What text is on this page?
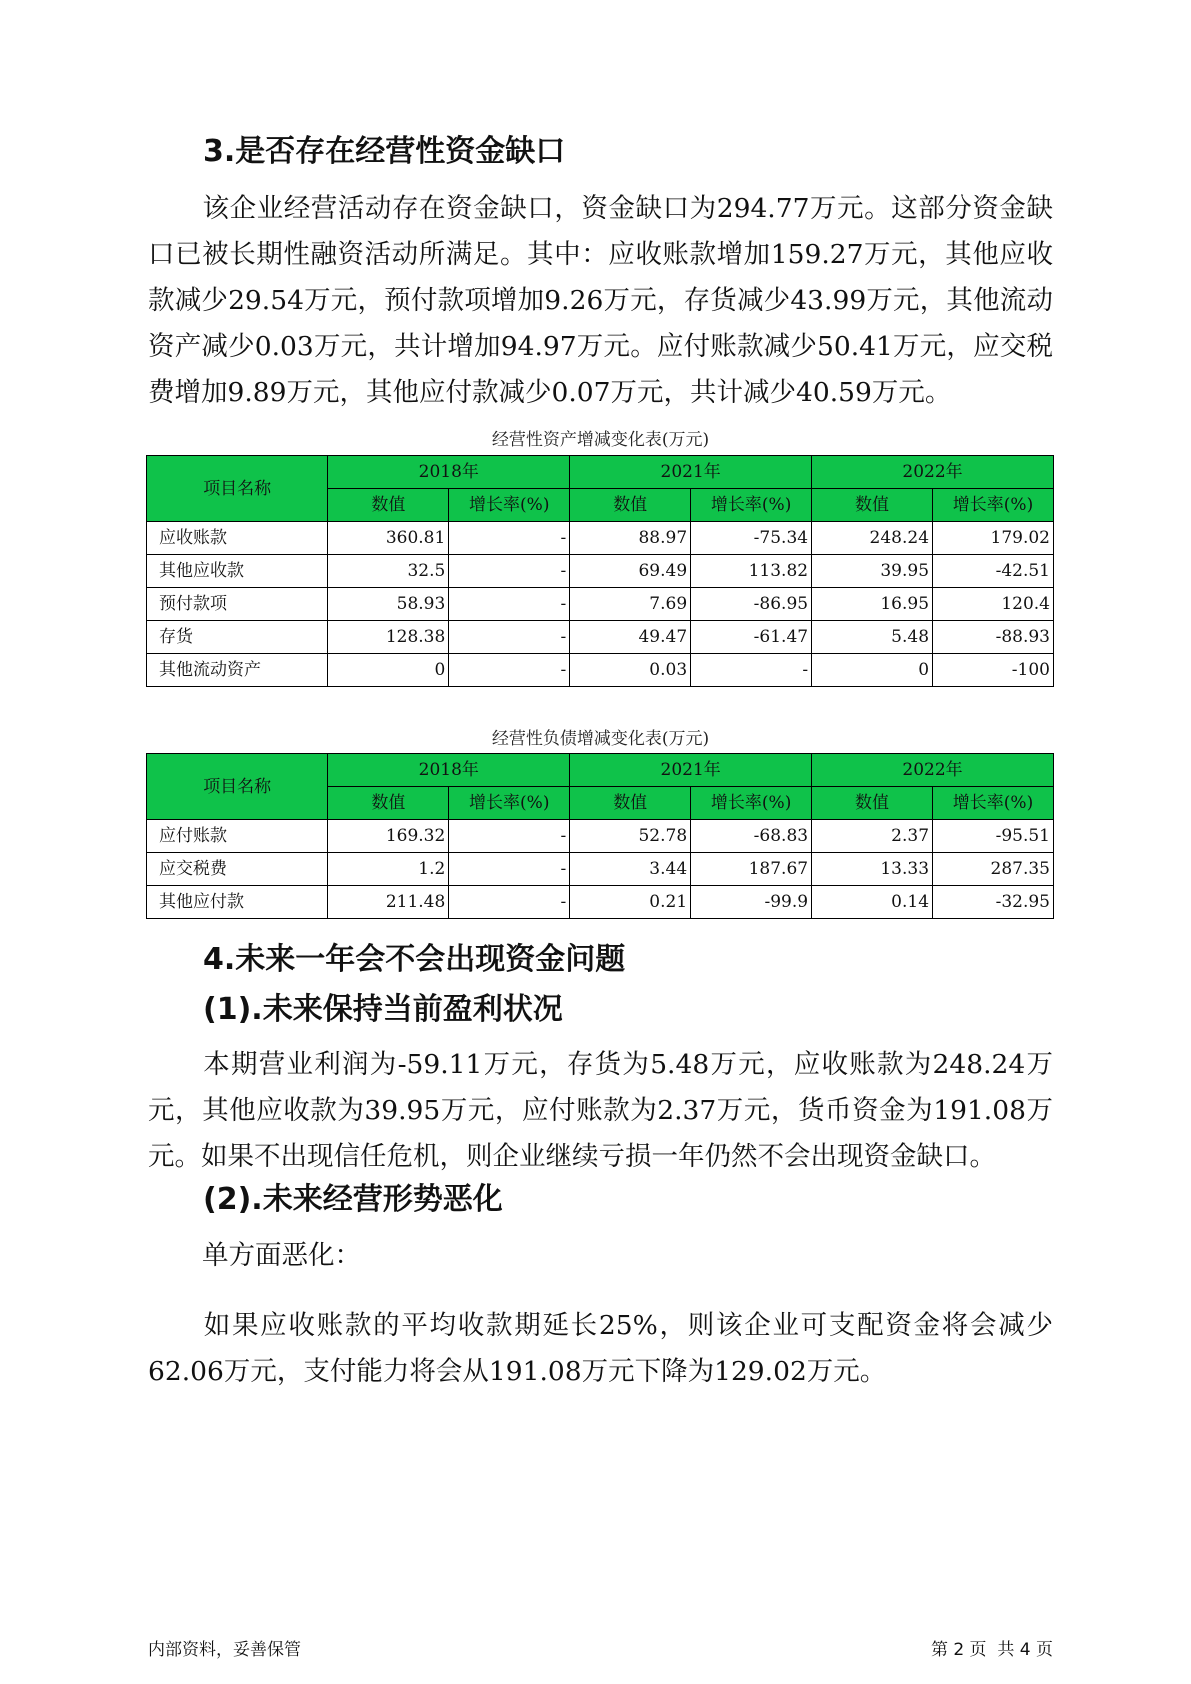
3.是否存在经营性资金缺口

该企业经营活动存在资金缺口，资金缺口为294.77万元。这部分资金缺口已被长期性融资活动所满足。其中：应收账款增加159.27万元，其他应收款减少29.54万元，预付款项增加9.26万元，存货减少43.99万元，其他流动资产减少0.03万元，共计增加94.97万元。应付账款减少50.41万元，应交税费增加9.89万元，其他应付款减少0.07万元，共计减少40.59万元。

经营性资产增减变化表(万元)
项目名称	2018年		2021年		2022年	
	数值	增长率(%)	数值	增长率(%)	数值	增长率(%)
应收账款	360.81	-	88.97	-75.34	248.24	179.02
其他应收款	32.5	-	69.49	113.82	39.95	-42.51
预付款项	58.93	-	7.69	-86.95	16.95	120.4
存货	128.38	-	49.47	-61.47	5.48	-88.93
其他流动资产	0	-	0.03	-	0	-100
经营性负债增减变化表(万元)
项目名称	2018年		2021年		2022年	
	数值	增长率(%)	数值	增长率(%)	数值	增长率(%)
应付账款	169.32	-	52.78	-68.83	2.37	-95.51
应交税费	1.2	-	3.44	187.67	13.33	287.35
其他应付款	211.48	-	0.21	-99.9	0.14	-32.95
4.未来一年会不会出现资金问题
(1).未来保持当前盈利状况

本期营业利润为-59.11万元，存货为5.48万元，应收账款为248.24万元，其他应收款为39.95万元，应付账款为2.37万元，货币资金为191.08万元。如果不出现信任危机，则企业继续亏损一年仍然不会出现资金缺口。

(2).未来经营形势恶化

单方面恶化：

如果应收账款的平均收款期延长25%，则该企业可支配资金将会减少62.06万元，支付能力将会从191.08万元下降为129.02万元。

内部资料，妥善保管	第 2 页  共 4 页
